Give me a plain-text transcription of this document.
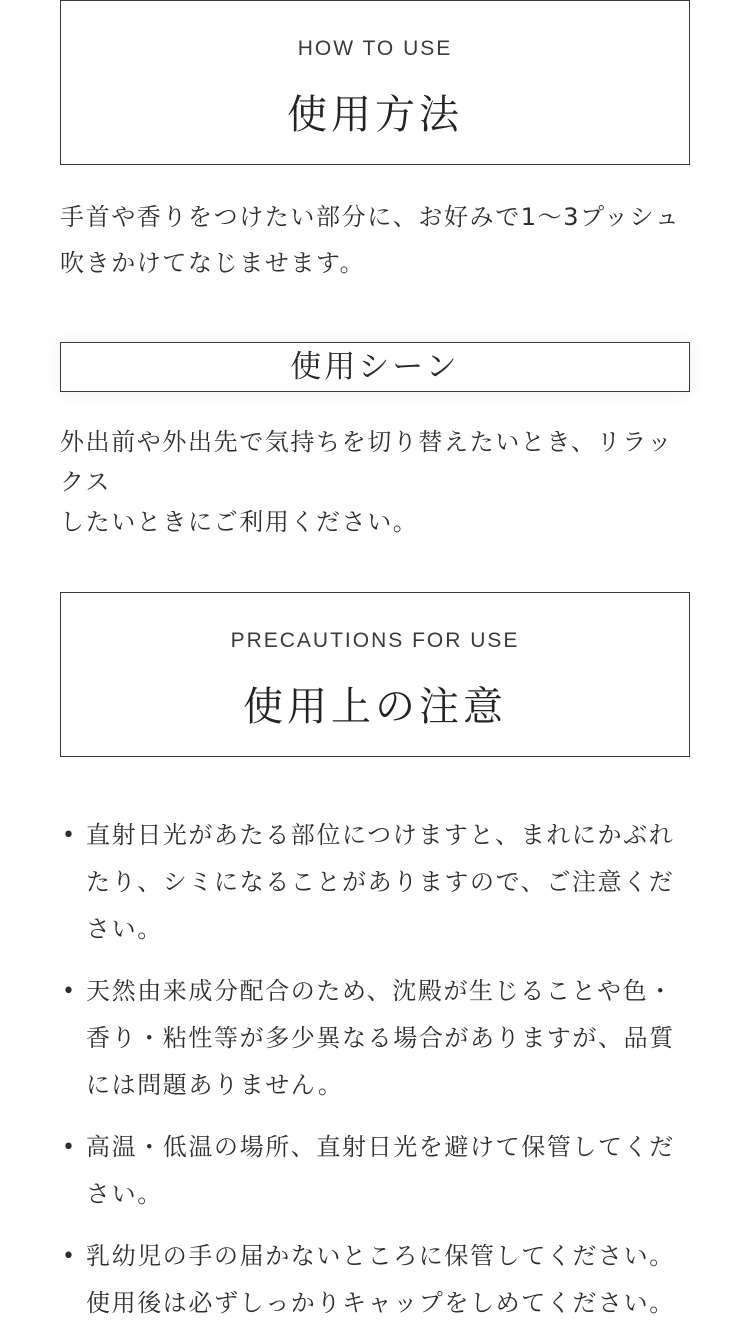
HOW TO USE
使用方法
手首や香りをつけたい部分に、お好みで1〜3プッシュ
吹きかけてなじませます。
使用シーン
外出前や外出先で気持ちを切り替えたいとき、リラックス
したいときにご利用ください。
PRECAUTIONS FOR USE
使用上の注意
• 直射日光があたる部位につけますと、まれにかぶれ
たり、シミになることがありますので、ご注意ください。
• 天然由来成分配合のため、沈殿が生じることや色・
香り・粘性等が多少異なる場合がありますが、品質
には問題ありません。
• 高温・低温の場所、直射日光を避けて保管してください。
• 乳幼児の手の届かないところに保管してください。
使用後は必ずしっかりキャップをしめてください。
